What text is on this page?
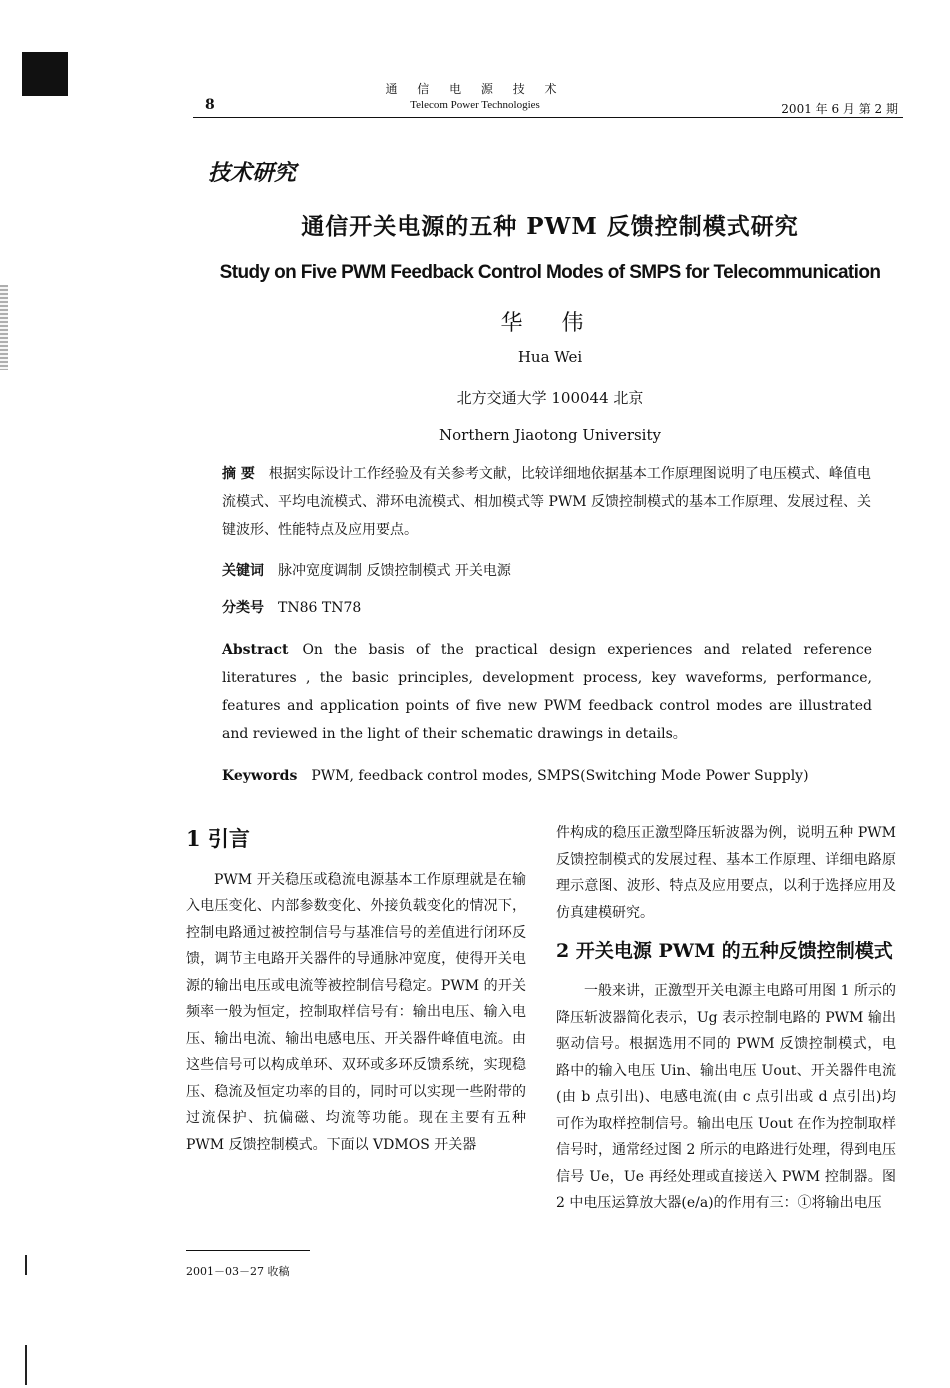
通 信 电 源 技 术
Telecom Power Technologies
8	2001 年 6 月 第 2 期
技术研究
通信开关电源的五种 PWM 反馈控制模式研究
Study on Five PWM Feedback Control Modes of SMPS for Telecommunication
华 伟
Hua Wei
北方交通大学 100044 北京
Northern Jiaotong University
摘 要 根据实际设计工作经验及有关参考文献，比较详细地依据基本工作原理图说明了电压模式、峰值电流模式、平均电流模式、滞环电流模式、相加模式等 PWM 反馈控制模式的基本工作原理、发展过程、关键波形、性能特点及应用要点。
关键词 脉冲宽度调制 反馈控制模式 开关电源
分类号 TN86 TN78
Abstract On the basis of the practical design experiences and related reference literatures , the basic principles, development process, key waveforms, performance, features and application points of five new PWM feedback control modes are illustrated and reviewed in the light of their schematic drawings in details。
Keywords PWM, feedback control modes, SMPS(Switching Mode Power Supply)
1 引言
PWM 开关稳压或稳流电源基本工作原理就是在输入电压变化、内部参数变化、外接负载变化的情况下，控制电路通过被控制信号与基准信号的差值进行闭环反馈，调节主电路开关器件的导通脉冲宽度，使得开关电源的输出电压或电流等被控制信号稳定。PWM 的开关频率一般为恒定，控制取样信号有：输出电压、输入电压、输出电流、输出电感电压、开关器件峰值电流。由这些信号可以构成单环、双环或多环反馈系统，实现稳压、稳流及恒定功率的目的，同时可以实现一些附带的过流保护、抗偏磁、均流等功能。现在主要有五种 PWM 反馈控制模式。下面以 VDMOS 开关器
件构成的稳压正激型降压斩波器为例，说明五种 PWM 反馈控制模式的发展过程、基本工作原理、详细电路原理示意图、波形、特点及应用要点，以利于选择应用及仿真建模研究。
2 开关电源 PWM 的五种反馈控制模式
一般来讲，正激型开关电源主电路可用图 1 所示的降压斩波器简化表示，Ug 表示控制电路的 PWM 输出驱动信号。根据选用不同的 PWM 反馈控制模式，电路中的输入电压 Uin、输出电压 Uout、开关器件电流(由 b 点引出)、电感电流(由 c 点引出或 d 点引出)均可作为取样控制信号。输出电压 Uout 在作为控制取样信号时，通常经过图 2 所示的电路进行处理，得到电压信号 Ue，Ue 再经处理或直接送入 PWM 控制器。图 2 中电压运算放大器(e/a)的作用有三：①将输出电压
2001－03－27 收稿
